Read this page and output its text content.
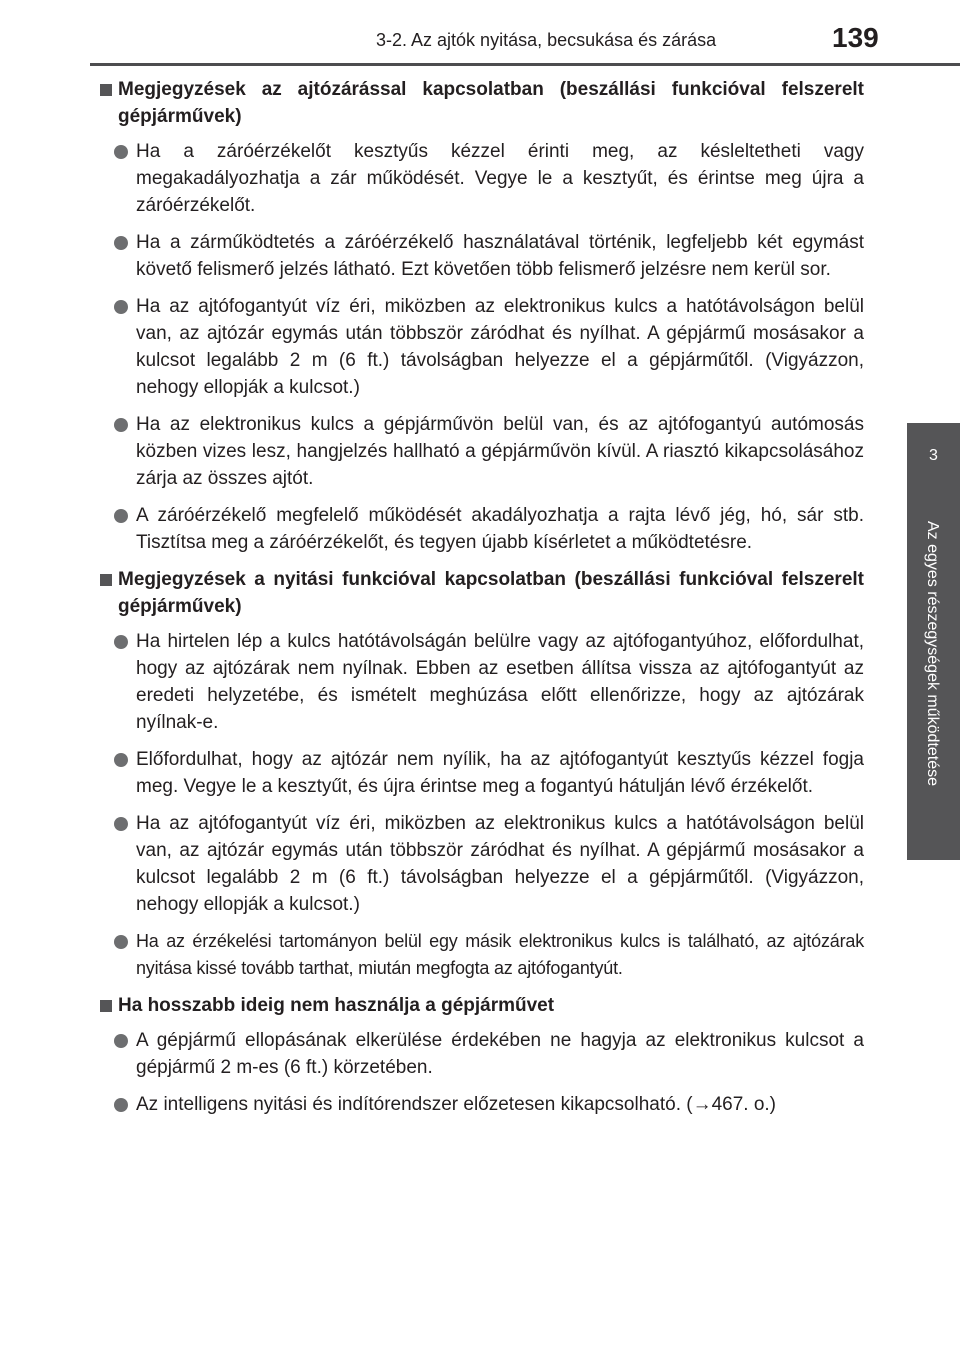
3-2. Az ajtók nyitása, becsukása és zárása	139
3
Az egyes részegységek működtetése
Megjegyzések az ajtózárással kapcsolatban (beszállási funkcióval felszerelt gépjárművek)
Ha a záróérzékelőt kesztyűs kézzel érinti meg, az késleltetheti vagy megakadályozhatja a zár működését. Vegye le a kesztyűt, és érintse meg újra a záróérzékelőt.
Ha a zárműködtetés a záróérzékelő használatával történik, legfeljebb két egymást követő felismerő jelzés látható. Ezt követően több felismerő jelzésre nem kerül sor.
Ha az ajtófogantyút víz éri, miközben az elektronikus kulcs a hatótávolságon belül van, az ajtózár egymás után többször záródhat és nyílhat. A gépjármű mosásakor a kulcsot legalább 2 m (6 ft.) távolságban helyezze el a gépjárműtől. (Vigyázzon, nehogy ellopják a kulcsot.)
Ha az elektronikus kulcs a gépjárművön belül van, és az ajtófogantyú autómosás közben vizes lesz, hangjelzés hallható a gépjárművön kívül. A riasztó kikapcsolásához zárja az összes ajtót.
A záróérzékelő megfelelő működését akadályozhatja a rajta lévő jég, hó, sár stb. Tisztítsa meg a záróérzékelőt, és tegyen újabb kísérletet a működtetésre.
Megjegyzések a nyitási funkcióval kapcsolatban (beszállási funkcióval felszerelt gépjárművek)
Ha hirtelen lép a kulcs hatótávolságán belülre vagy az ajtófogantyúhoz, előfordulhat, hogy az ajtózárak nem nyílnak. Ebben az esetben állítsa vissza az ajtófogantyút az eredeti helyzetébe, és ismételt meghúzása előtt ellenőrizze, hogy az ajtózárak nyílnak-e.
Előfordulhat, hogy az ajtózár nem nyílik, ha az ajtófogantyút kesztyűs kézzel fogja meg. Vegye le a kesztyűt, és újra érintse meg a fogantyú hátulján lévő érzékelőt.
Ha az ajtófogantyút víz éri, miközben az elektronikus kulcs a hatótávolságon belül van, az ajtózár egymás után többször záródhat és nyílhat. A gépjármű mosásakor a kulcsot legalább 2 m (6 ft.) távolságban helyezze el a gépjárműtől. (Vigyázzon, nehogy ellopják a kulcsot.)
Ha az érzékelési tartományon belül egy másik elektronikus kulcs is található, az ajtózárak nyitása kissé tovább tarthat, miután megfogta az ajtófogantyút.
Ha hosszabb ideig nem használja a gépjárművet
A gépjármű ellopásának elkerülése érdekében ne hagyja az elektronikus kulcsot a gépjármű 2 m-es (6 ft.) körzetében.
Az intelligens nyitási és indítórendszer előzetesen kikapcsolható. (→467. o.)
